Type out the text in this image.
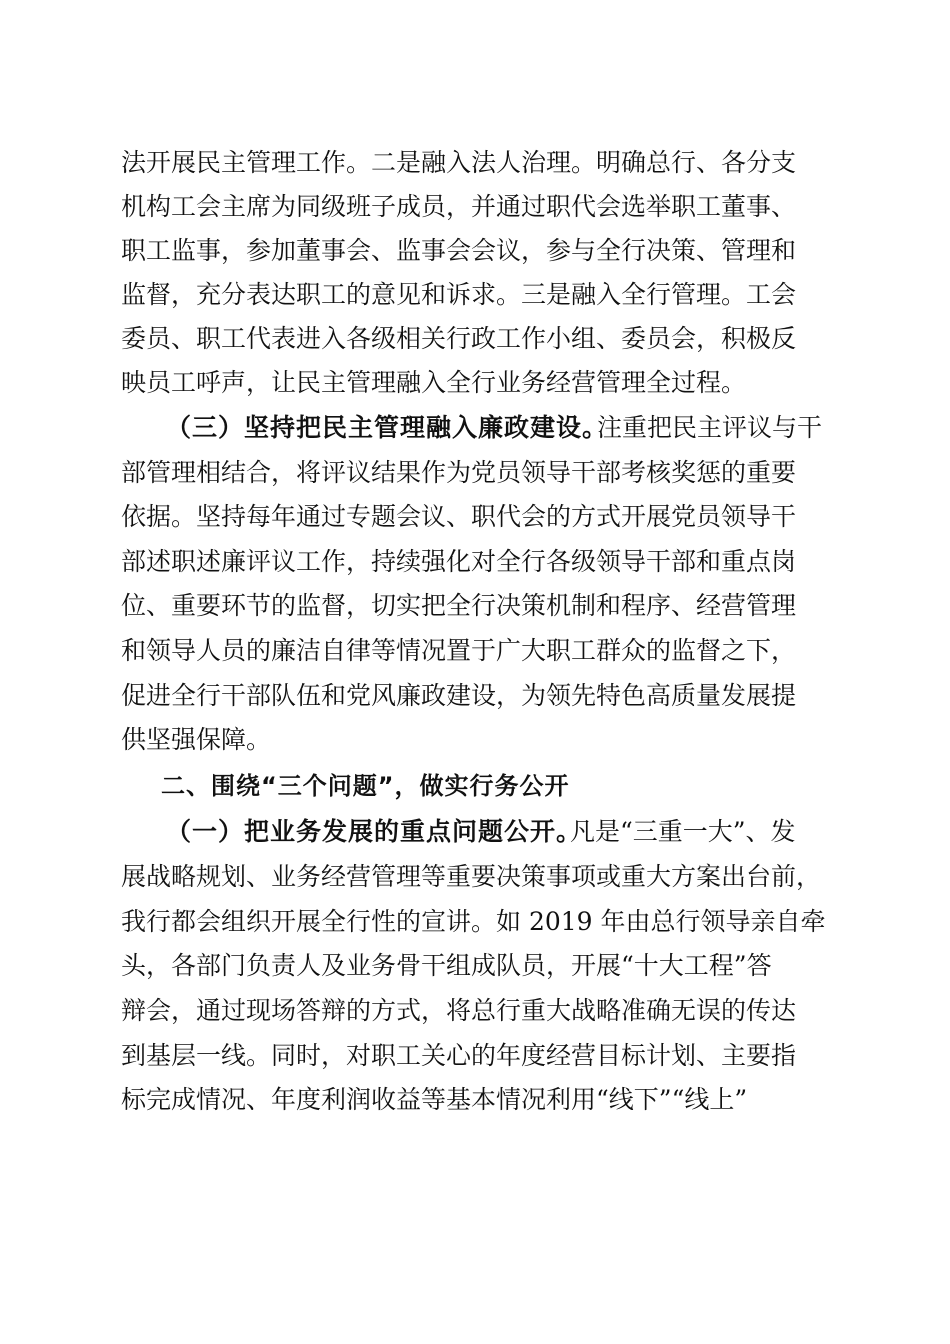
法开展民主管理工作。二是融入法人治理。明确总行、各分支
机构工会主席为同级班子成员，并通过职代会选举职工董事、
职工监事，参加董事会、监事会会议，参与全行决策、管理和
监督，充分表达职工的意见和诉求。三是融入全行管理。工会
委员、职工代表进入各级相关行政工作小组、委员会，积极反
映员工呼声，让民主管理融入全行业务经营管理全过程。
（三）坚持把民主管理融入廉政建设。
注重把民主评议与干
部管理相结合，将评议结果作为党员领导干部考核奖惩的重要
依据。坚持每年通过专题会议、职代会的方式开展党员领导干
部述职述廉评议工作，持续强化对全行各级领导干部和重点岗
位、重要环节的监督，切实把全行决策机制和程序、经营管理
和领导人员的廉洁自律等情况置于广大职工群众的监督之下，
促进全行干部队伍和党风廉政建设，为领先特色高质量发展提
供坚强保障。
二、围绕“三个问题”，做实行务公开
（一）把业务发展的重点问题公开。
凡是“三重一大”、发
展战略规划、业务经营管理等重要决策事项或重大方案出台前，
我行都会组织开展全行性的宣讲。如 2019 年由总行领导亲自牵
头，各部门负责人及业务骨干组成队员，开展“十大工程”答
辩会，通过现场答辩的方式，将总行重大战略准确无误的传达
到基层一线。同时，对职工关心的年度经营目标计划、主要指
标完成情况、年度利润收益等基本情况利用“线下”“线上”
